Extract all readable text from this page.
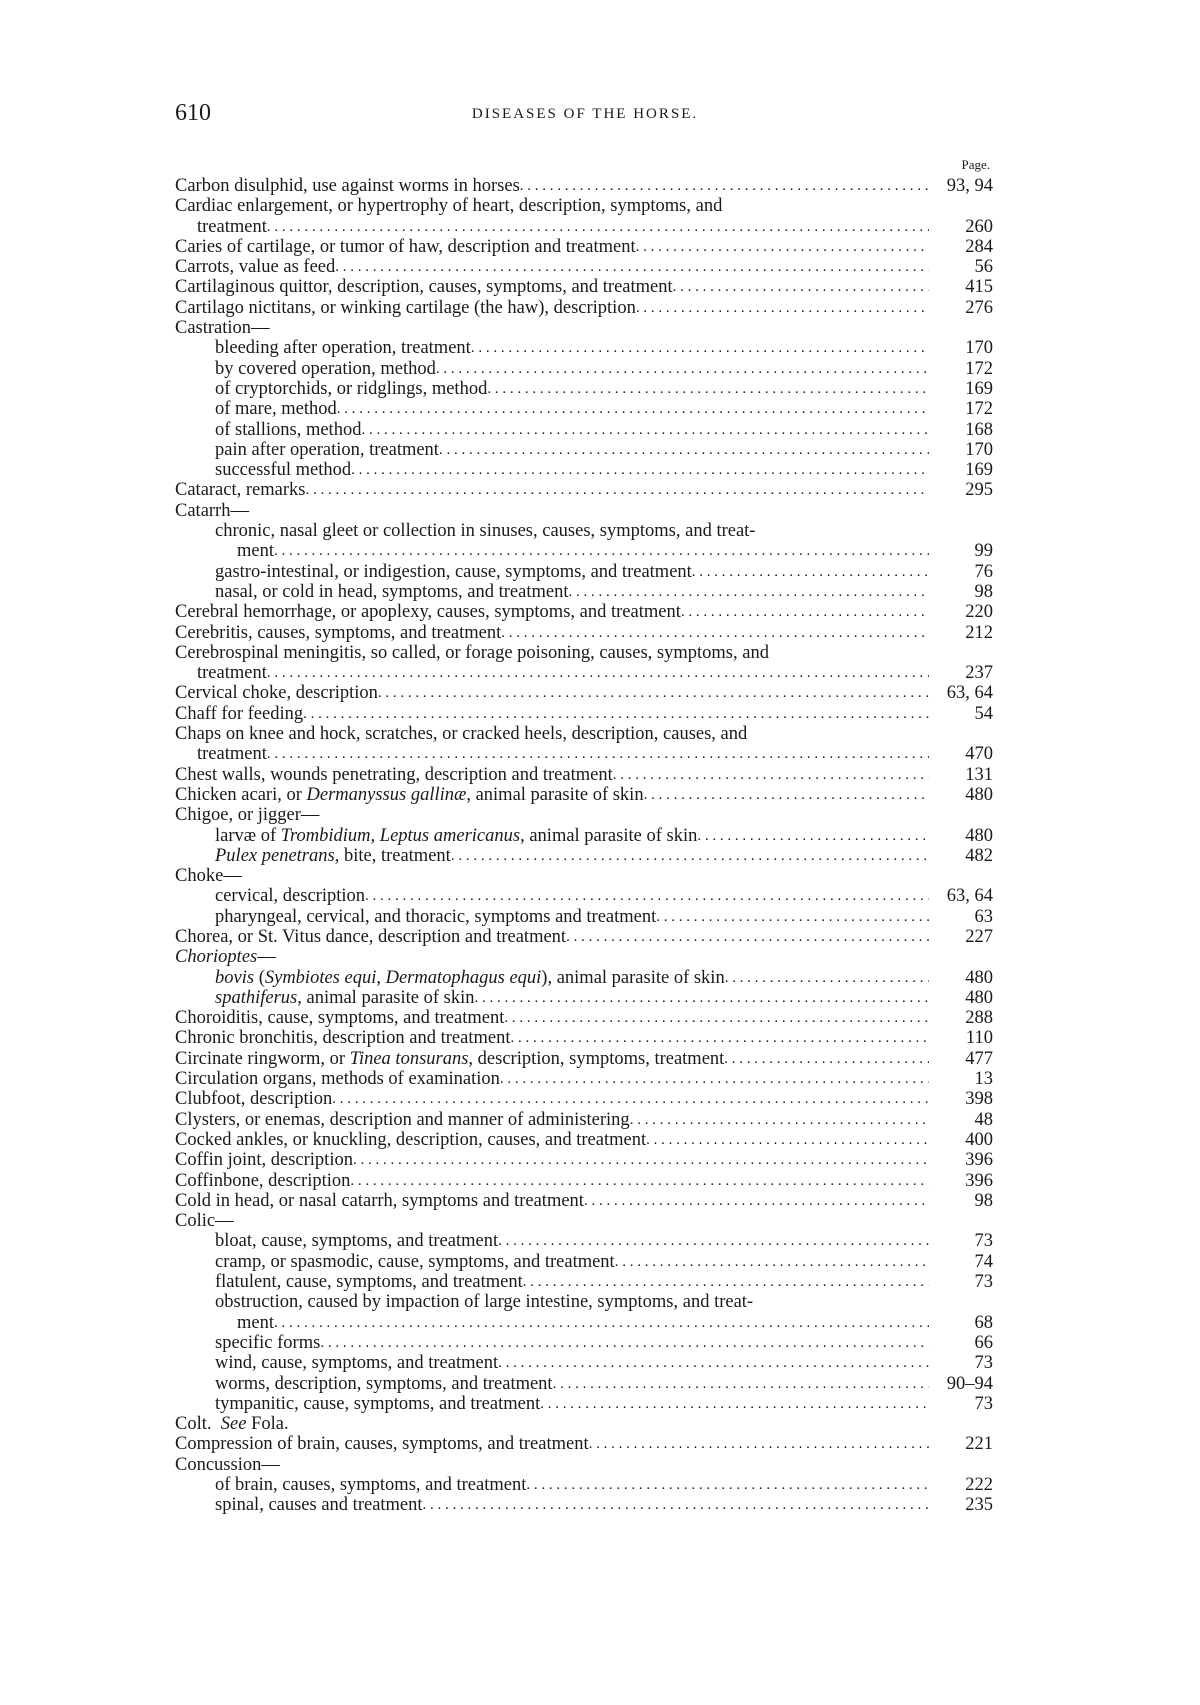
610	DISEASES OF THE HORSE.
Page.
Carbon disulphid, use against worms in horses . . .	93, 94
Cardiac enlargement, or hypertrophy of heart, description, symptoms, and
treatment . . .	260
Caries of cartilage, or tumor of haw, description and treatment . . .	284
Carrots, value as feed . . .	56
Cartilaginous quittor, description, causes, symptoms, and treatment . . .	415
Cartilago nictitans, or winking cartilage (the haw), description . . .	276
Castration—
bleeding after operation, treatment . . .	170
by covered operation, method . . .	172
of cryptorchids, or ridglings, method . . .	169
of mare, method . . .	172
of stallions, method . . .	168
pain after operation, treatment . . .	170
successful method . . .	169
Cataract, remarks . . .	295
Catarrh—
chronic, nasal gleet or collection in sinuses, causes, symptoms, and treat-
ment . . .	99
gastro-intestinal, or indigestion, cause, symptoms, and treatment . . .	76
nasal, or cold in head, symptoms, and treatment . . .	98
Cerebral hemorrhage, or apoplexy, causes, symptoms, and treatment . . .	220
Cerebritis, causes, symptoms, and treatment . . .	212
Cerebrospinal meningitis, so called, or forage poisoning, causes, symptoms, and
treatment . . .	237
Cervical choke, description . . .	63, 64
Chaff for feeding . . .	54
Chaps on knee and hock, scratches, or cracked heels, description, causes, and
treatment . . .	470
Chest walls, wounds penetrating, description and treatment . . .	131
Chicken acari, or Dermanyssus gallinæ, animal parasite of skin . . .	480
Chigoe, or jigger—
larvæ of Trombidium, Leptus americanus, animal parasite of skin . . .	480
Pulex penetrans, bite, treatment . . .	482
Choke—
cervical, description . . .	63, 64
pharyngeal, cervical, and thoracic, symptoms and treatment . . .	63
Chorea, or St. Vitus dance, description and treatment . . .	227
Chorioptes—
bovis (Symbiotes equi, Dermatophagus equi), animal parasite of skin . . .	480
spathiferus, animal parasite of skin . . .	480
Choroiditis, cause, symptoms, and treatment . . .	288
Chronic bronchitis, description and treatment . . .	110
Circinate ringworm, or Tinea tonsurans, description, symptoms, treatment . . .	477
Circulation organs, methods of examination . . .	13
Clubfoot, description . . .	398
Clysters, or enemas, description and manner of administering . . .	48
Cocked ankles, or knuckling, description, causes, and treatment . . .	400
Coffin joint, description . . .	396
Coffinbone, description . . .	396
Cold in head, or nasal catarrh, symptoms and treatment . . .	98
Colic—
bloat, cause, symptoms, and treatment . . .	73
cramp, or spasmodic, cause, symptoms, and treatment . . .	74
flatulent, cause, symptoms, and treatment . . .	73
obstruction, caused by impaction of large intestine, symptoms, and treat-
ment . . .	68
specific forms . . .	66
wind, cause, symptoms, and treatment . . .	73
worms, description, symptoms, and treatment . . .	90–94
tympanitic, cause, symptoms, and treatment . . .	73
Colt.  See Fola.
Compression of brain, causes, symptoms, and treatment . . .	221
Concussion—
of brain, causes, symptoms, and treatment . . .	222
spinal, causes and treatment . . .	235
